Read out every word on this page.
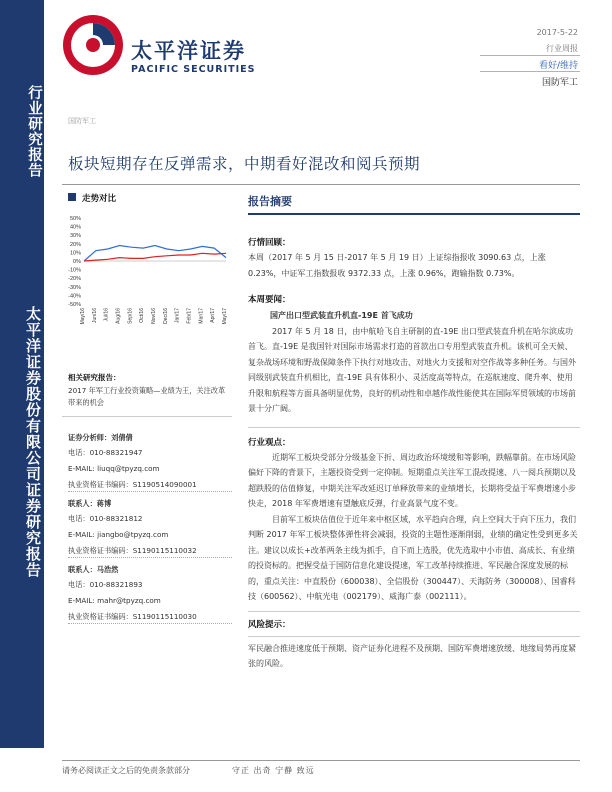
行业研究报告
太平洋证券股份有限公司证券研究报告
太平洋证券
PACIFIC SECURITIES
2017-5-22
行业周报
看好/维持
国防军工
国防军工
板块短期存在反弹需求，中期看好混改和阅兵预期
走势对比
50%
40%
30%
20%
10%
0%
-10%
-20%
-30%
-40%
-50%
May/16 Jun/16 Jul/16 Aug/16 Sep/16 Oct/16 Nov/16 Dec/16 Jan/17 Feb/17 Mar/17 Apr/17 May/17
相关研究报告：
2017 年军工行业投资策略—业绩为王，关注改革带来的机会
证券分析师：刘倩倩
电话：010-88321947
E-MAIL: liuqq@tpyzq.com
执业资格证书编码：S1190514090001
联系人：蒋博
电话：010-88321812
E-MAIL: jiangbo@tpyzq.com
执业资格证书编码：S1190115110032
联系人：马浩然
电话：010-88321893
E-MAIL: mahr@tpyzq.com
执业资格证书编码：S1190115110030
报告摘要
行情回顾：
本周（2017 年 5 月 15 日-2017 年 5 月 19 日）上证综指报收 3090.63 点，上涨 0.23%，中证军工指数报收 9372.33 点，上涨 0.96%，跑输指数 0.73%。
本周要闻：
国产出口型武装直升机直-19E 首飞成功
2017 年 5 月 18 日，由中航哈飞自主研制的直-19E 出口型武装直升机在哈尔滨成功首飞。直-19E 是我国针对国际市场需求打造的首款出口专用型武装直升机。该机可全天候、复杂战场环境和野战保障条件下执行对地攻击、对地火力支援和对空作战等多种任务。与国外同级别武装直升机相比，直-19E 具有体积小、灵活度高等特点，在巡航速度、爬升率、使用升限和航程等方面具备明显优势，良好的机动性和卓越作战性能使其在国际军贸领域的市场前景十分广阔。
行业观点：
近期军工板块受部分分级基金下折、周边政治环境缓和等影响，跌幅靠前。在市场风险偏好下降的背景下，主题投资受到一定抑制。短期重点关注军工混改提速、八一阅兵预期以及超跌股的估值修复，中期关注军改延迟订单释放带来的业绩增长，长期将受益于军费增速小步快走，2018 年军费增速有望触底反弹，行业高景气度不变。
目前军工板块估值位于近年来中枢区域，水平趋向合理，向上空间大于向下压力，我们判断 2017 年军工板块整体弹性将会减弱，投资的主题性逐渐削弱，业绩的确定性受到更多关注。建议以成长+改革两条主线为抓手，自下而上选股，优先选取中小市值、高成长、有业绩的投资标的。把握受益于国防信息化建设提速，军工改革持续推进、军民融合深度发展的标的，重点关注：中直股份（600038）、全信股份（300447）、天海防务（300008）、国睿科技（600562）、中航光电（002179）、威海广泰（002111）。
风险提示：
军民融合推进速度低于预期、资产证券化进程不及预期、国防军费增速放缓、地缘局势再度紧张的风险。
请务必阅读正文之后的免责条款部分	守正 出奇 宁静 致远
